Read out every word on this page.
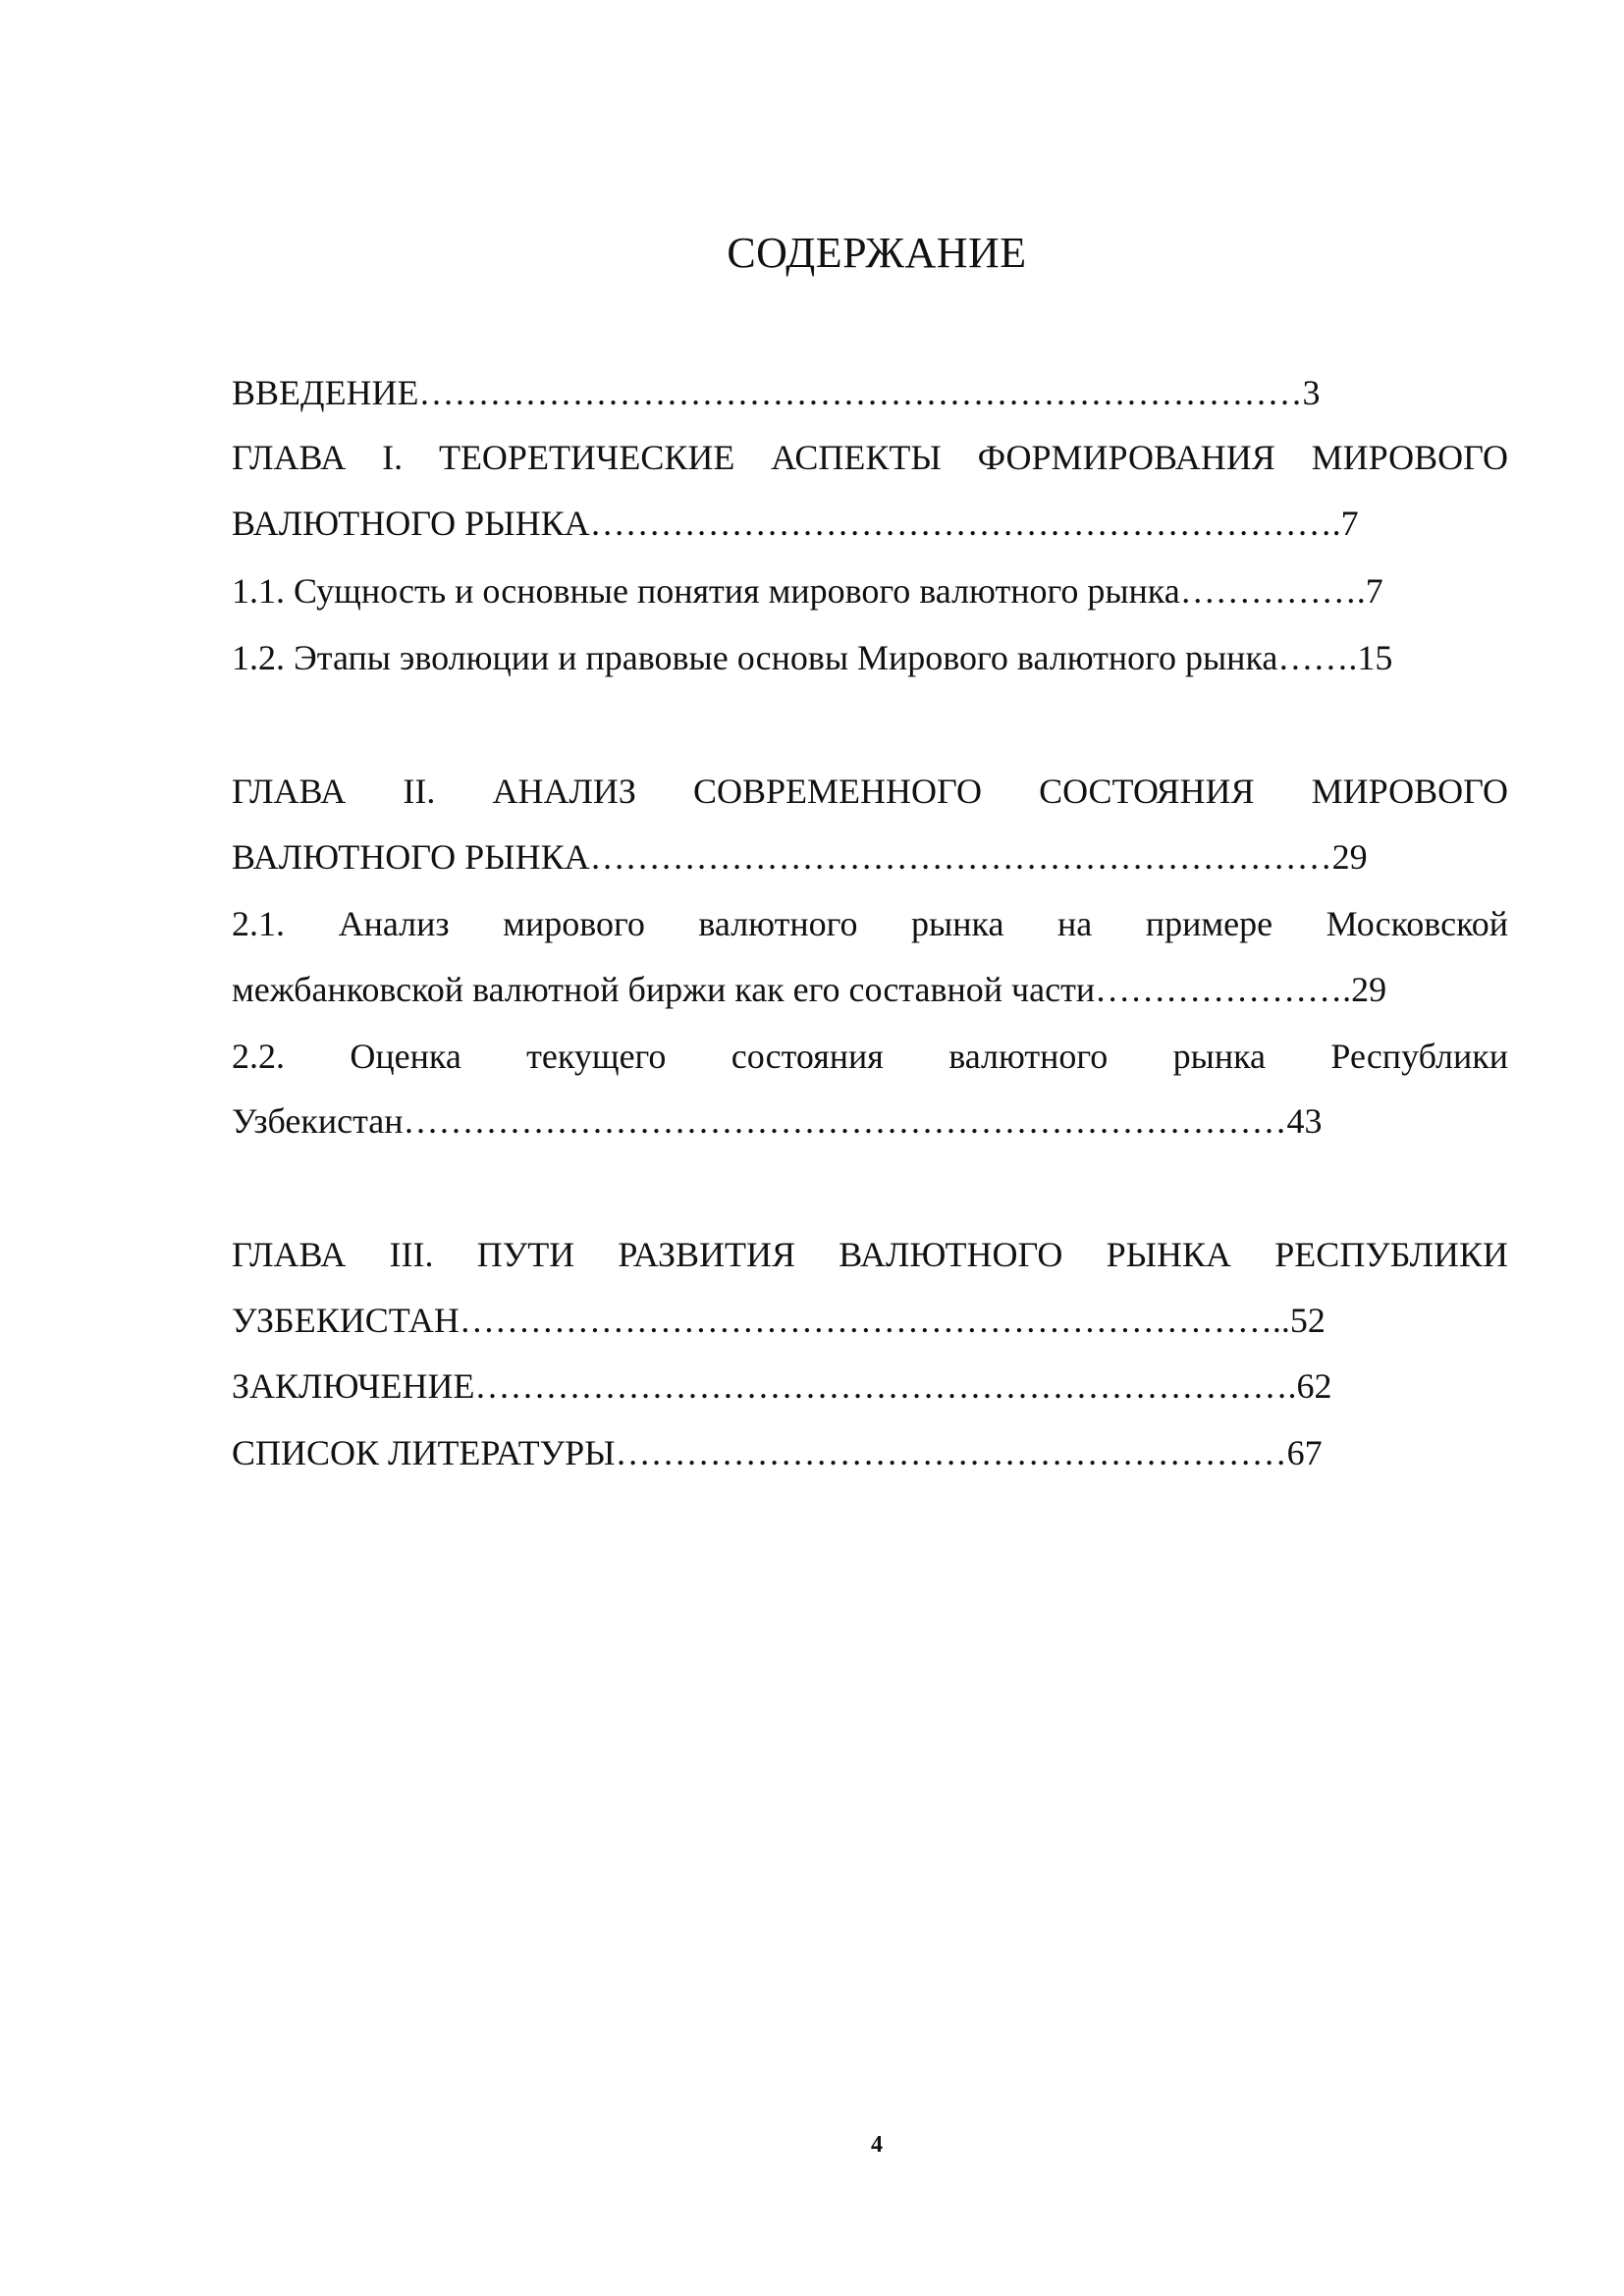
СОДЕРЖАНИЕ
ВВЕДЕНИЕ…………………………………………………………………3
ГЛАВА I. ТЕОРЕТИЧЕСКИЕ АСПЕКТЫ ФОРМИРОВАНИЯ МИРОВОГО
ВАЛЮТНОГО РЫНКА……………………………………………………….7
1.1. Сущность и основные понятия мирового валютного рынка…………….7
1.2. Этапы эволюции и правовые основы Мирового валютного рынка…….15
ГЛАВА II. АНАЛИЗ СОВРЕМЕННОГО СОСТОЯНИЯ МИРОВОГО
ВАЛЮТНОГО РЫНКА………………………………………………………29
2.1. Анализ мирового валютного рынка на примере Московской
межбанковской валютной биржи как его составной части………………….29
2.2. Оценка текущего состояния валютного рынка Республики
Узбекистан…………………………………………………………………43
ГЛАВА III. ПУТИ РАЗВИТИЯ ВАЛЮТНОГО РЫНКА РЕСПУБЛИКИ
УЗБЕКИСТАН……………………………………………………………..52
ЗАКЛЮЧЕНИЕ…………………………………………………………….62
СПИСОК ЛИТЕРАТУРЫ…………………………………………………67
4
